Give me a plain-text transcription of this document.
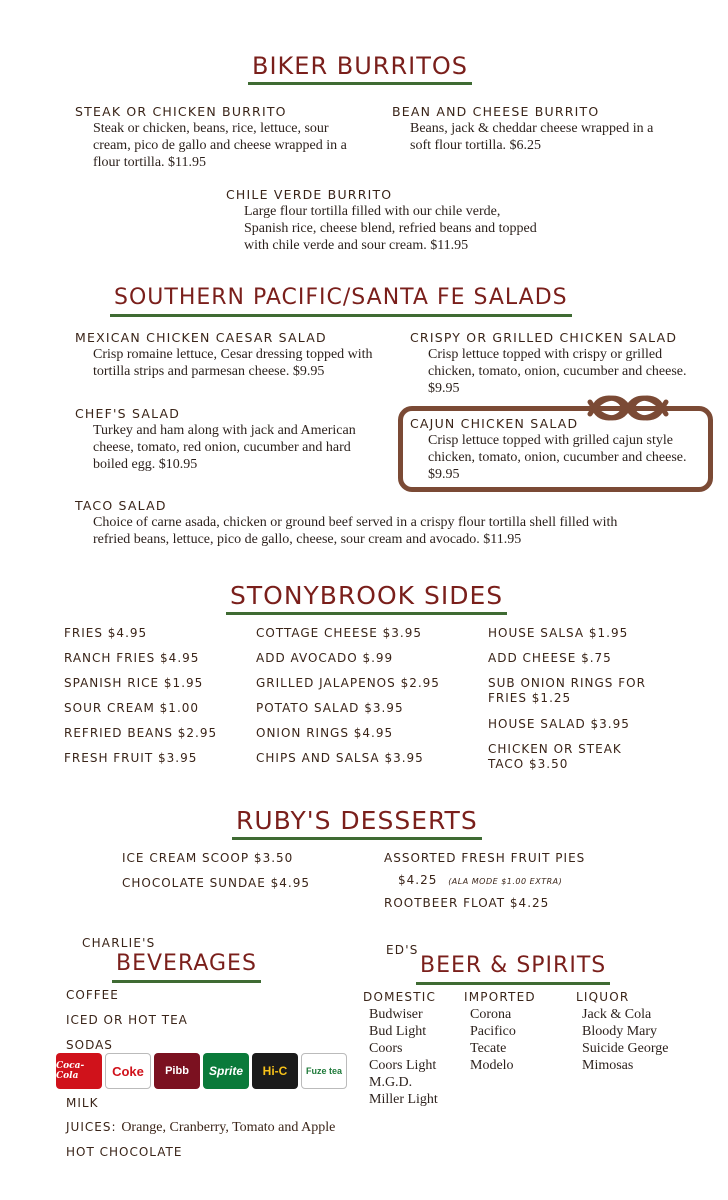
BIKER BURRITOS
STEAK OR CHICKEN BURRITO
Steak or chicken, beans, rice, lettuce, sour cream, pico de gallo and cheese wrapped in a flour tortilla. $11.95
BEAN AND CHEESE BURRITO
Beans, jack & cheddar cheese wrapped in a soft flour tortilla. $6.25
CHILE VERDE BURRITO
Large flour tortilla filled with our chile verde, Spanish rice, cheese blend, refried beans and topped with chile verde and sour cream. $11.95
SOUTHERN PACIFIC/SANTA FE SALADS
MEXICAN CHICKEN CAESAR SALAD
Crisp romaine lettuce, Cesar dressing topped with tortilla strips and parmesan cheese. $9.95
CRISPY OR GRILLED CHICKEN SALAD
Crisp lettuce topped with crispy or grilled chicken, tomato, onion, cucumber and cheese. $9.95
CHEF'S SALAD
Turkey and ham along with jack and American cheese, tomato, red onion, cucumber and hard boiled egg. $10.95
CAJUN CHICKEN SALAD
Crisp lettuce topped with grilled cajun style chicken, tomato, onion, cucumber and cheese. $9.95
TACO SALAD
Choice of carne asada, chicken or ground beef served in a crispy flour tortilla shell filled with refried beans, lettuce, pico de gallo, cheese, sour cream and avocado. $11.95
STONYBROOK SIDES
FRIES $4.95
RANCH FRIES $4.95
SPANISH RICE $1.95
SOUR CREAM $1.00
REFRIED BEANS $2.95
FRESH FRUIT $3.95
COTTAGE CHEESE $3.95
ADD AVOCADO $.99
GRILLED JALAPENOS $2.95
POTATO SALAD $3.95
ONION RINGS $4.95
CHIPS AND SALSA $3.95
HOUSE SALSA $1.95
ADD CHEESE $.75
SUB ONION RINGS FOR FRIES $1.25
HOUSE SALAD $3.95
CHICKEN OR STEAK TACO $3.50
RUBY'S DESSERTS
ICE CREAM SCOOP $3.50
CHOCOLATE SUNDAE $4.95
ASSORTED FRESH FRUIT PIES
$4.25 (ALA MODE $1.00 EXTRA)
ROOTBEER FLOAT $4.25
CHARLIE'S
BEVERAGES
COFFEE
ICED OR HOT TEA
SODAS
Coca-Cola	Coke Pibb Sprite Hi-C Fuze tea
MILK
JUICES: Orange, Cranberry, Tomato and Apple
HOT CHOCOLATE
ED'S
BEER & SPIRITS
DOMESTIC
Budwiser
Bud Light
Coors
Coors Light
M.G.D.
Miller Light
IMPORTED
Corona
Pacifico
Tecate
Modelo
LIQUOR
Jack & Cola
Bloody Mary
Suicide George
Mimosas
